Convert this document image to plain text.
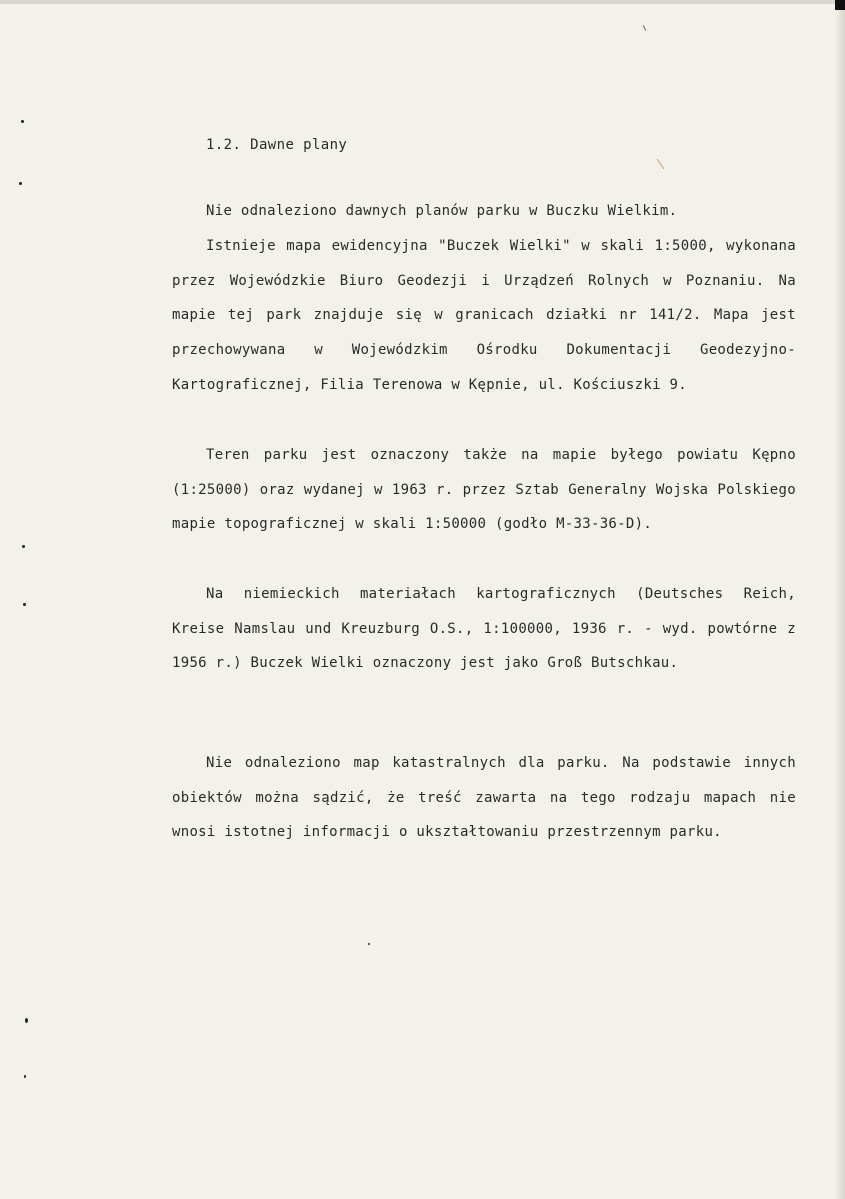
1.2. Dawne plany

Nie odnaleziono dawnych planów parku w Buczku Wielkim.

Istnieje mapa ewidencyjna "Buczek Wielki" w skali 1:5000, wykonana przez Wojewódzkie Biuro Geodezji i Urządzeń Rolnych w Poznaniu. Na mapie tej park znajduje się w granicach działki nr 141/2. Mapa jest przechowywana w Wojewódzkim Ośrodku Dokumentacji Geodezyjno-Kartograficznej, Filia Terenowa w Kępnie, ul. Kościuszki 9.

Teren parku jest oznaczony także na mapie byłego powiatu Kępno (1:25000) oraz wydanej w 1963 r. przez Sztab Generalny Wojska Polskiego mapie topograficznej w skali 1:50000 (godło M-33-36-D).

Na niemieckich materiałach kartograficznych (Deutsches Reich, Kreise Namslau und Kreuzburg O.S., 1:100000, 1936 r. - wyd. powtórne z 1956 r.) Buczek Wielki oznaczony jest jako Groß Butschkau.

Nie odnaleziono map katastralnych dla parku. Na podstawie innych obiektów można sądzić, że treść zawarta na tego rodzaju mapach nie wnosi istotnej informacji o ukształtowaniu przestrzennym parku.
